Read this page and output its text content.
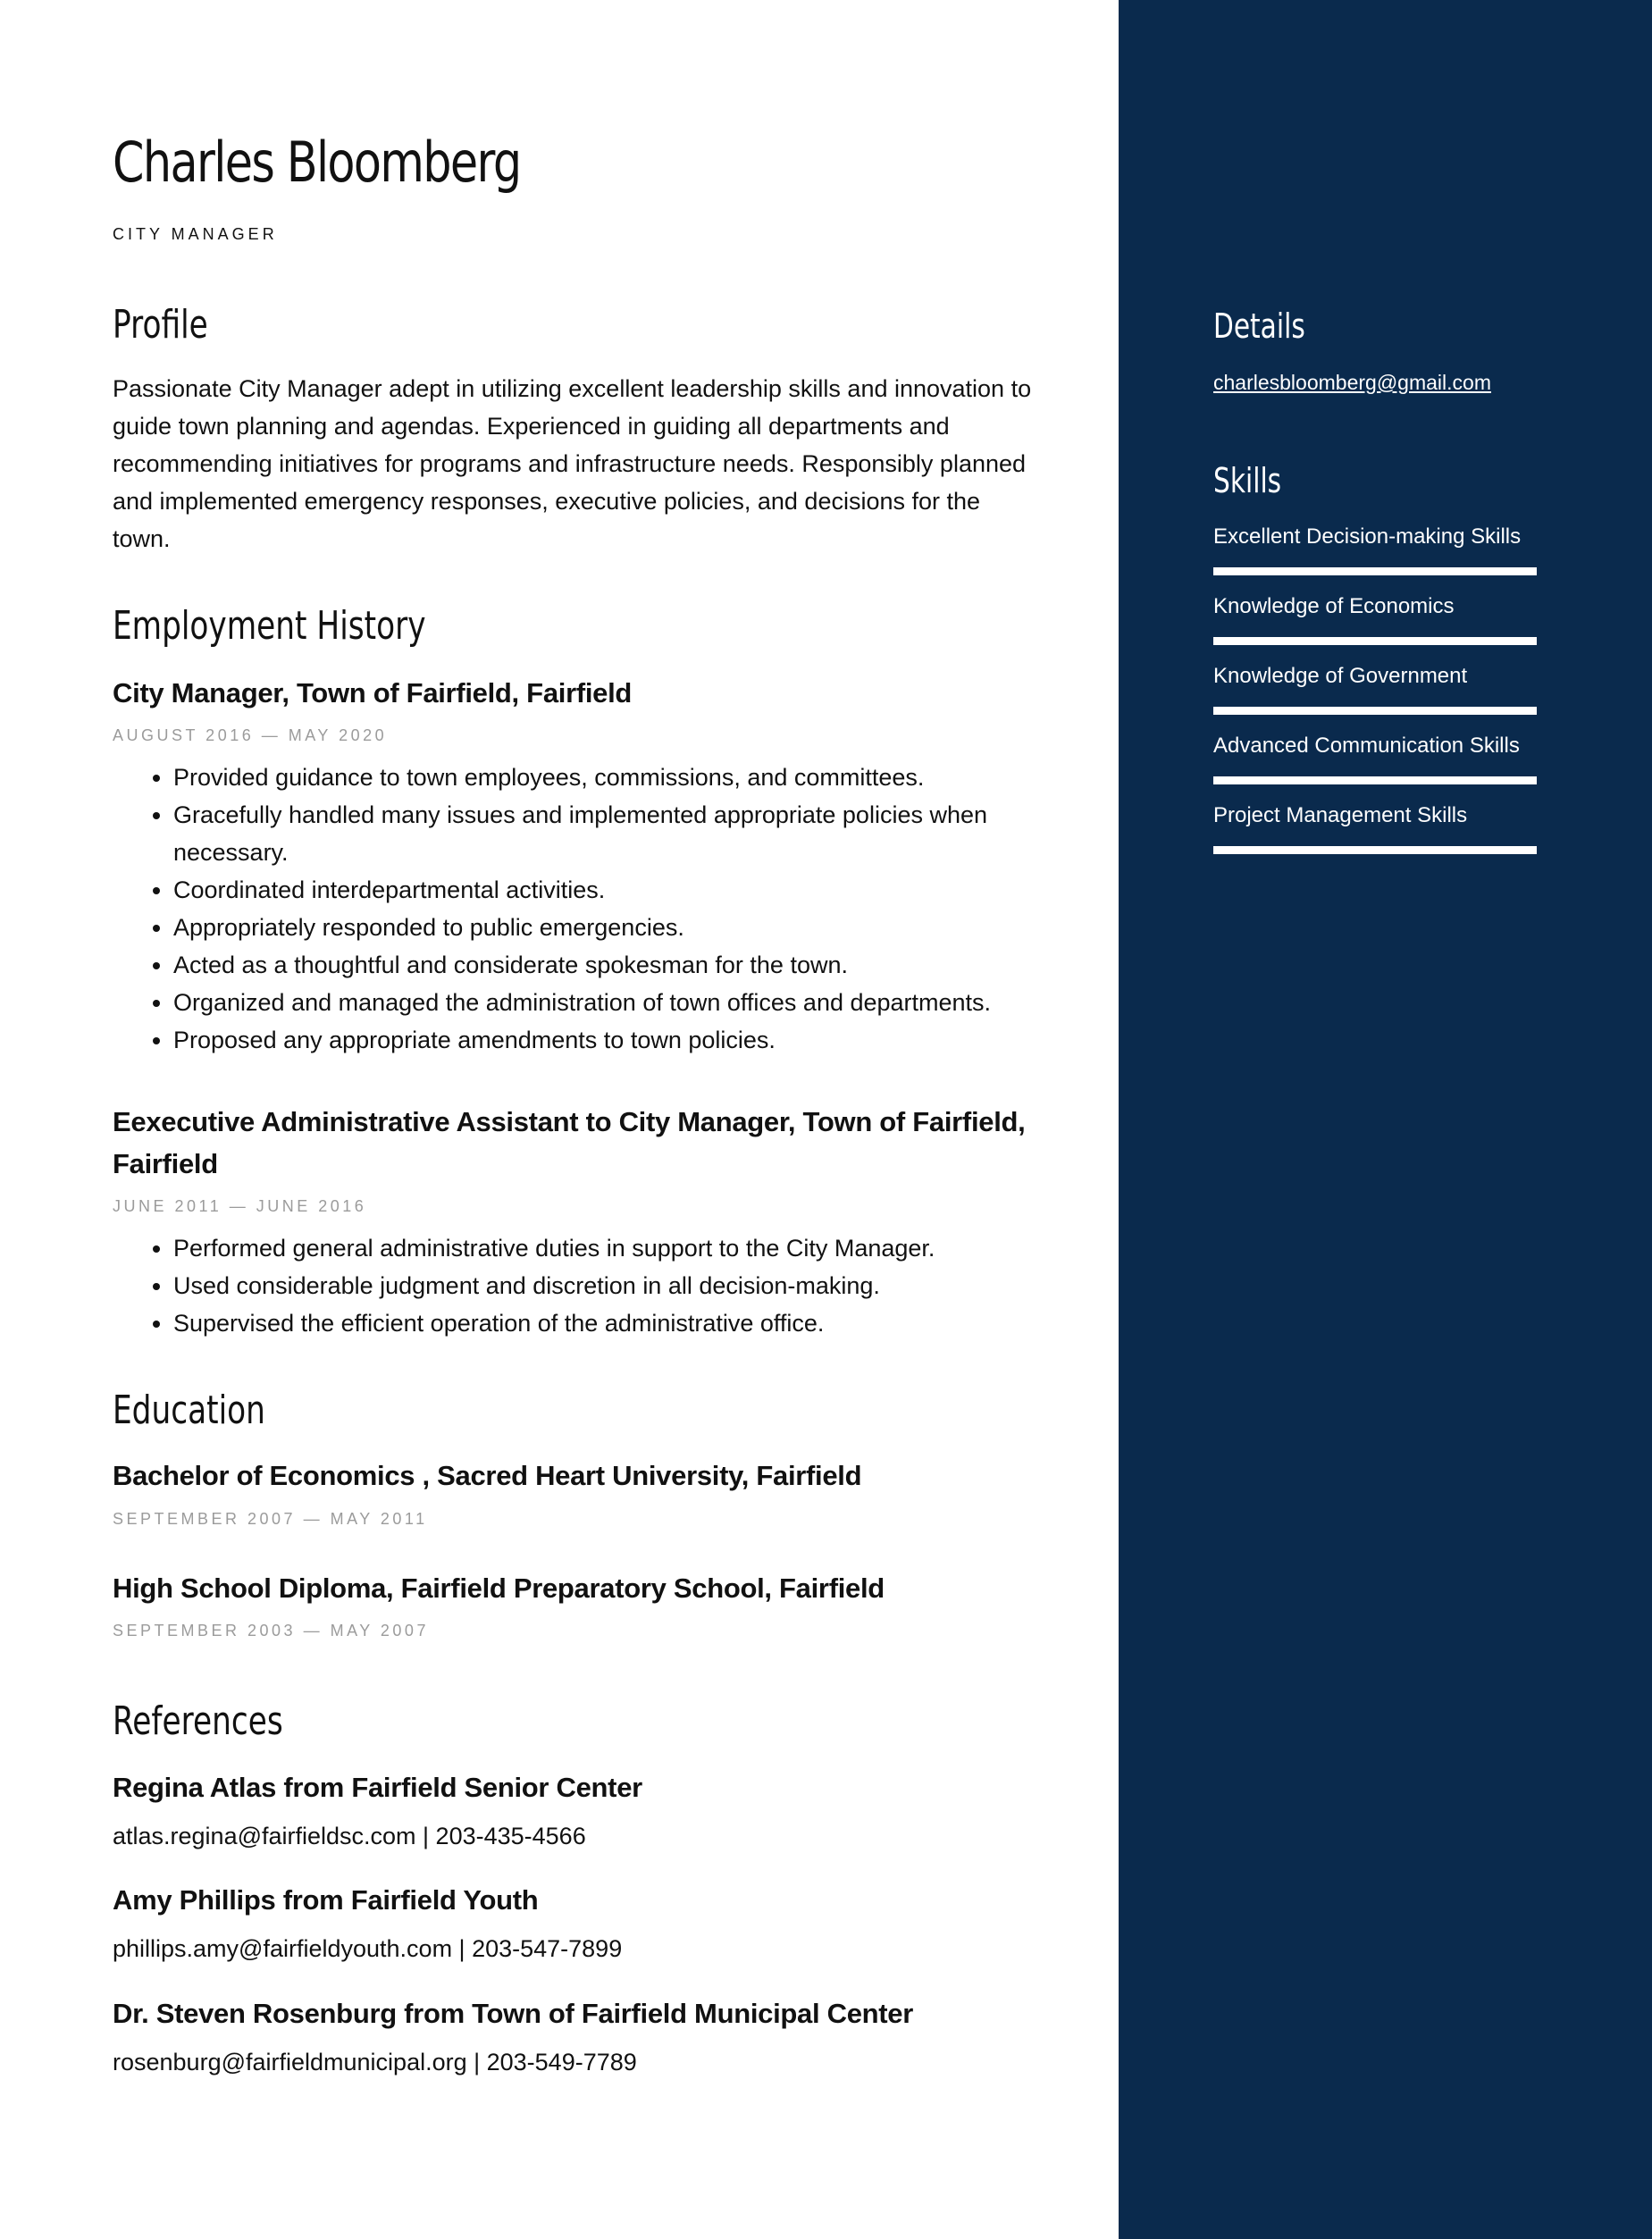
Charles Bloomberg
CITY MANAGER
Profile

Passionate City Manager adept in utilizing excellent leadership skills and innovation to guide town planning and agendas. Experienced in guiding all departments and recommending initiatives for programs and infrastructure needs. Responsibly planned and implemented emergency responses, executive policies, and decisions for the town.

Employment History
City Manager, Town of Fairfield, Fairfield
AUGUST 2016 — MAY 2020
• Provided guidance to town employees, commissions, and committees.
• Gracefully handled many issues and implemented appropriate policies when necessary.
• Coordinated interdepartmental activities.
• Appropriately responded to public emergencies.
• Acted as a thoughtful and considerate spokesman for the town.
• Organized and managed the administration of town offices and departments.
• Proposed any appropriate amendments to town policies.
Eexecutive Administrative Assistant to City Manager, Town of Fairfield, Fairfield
JUNE 2011 — JUNE 2016
• Performed general administrative duties in support to the City Manager.
• Used considerable judgment and discretion in all decision-making.
• Supervised the efficient operation of the administrative office.
Education
Bachelor of Economics , Sacred Heart University, Fairfield
SEPTEMBER 2007 — MAY 2011
High School Diploma, Fairfield Preparatory School, Fairfield
SEPTEMBER 2003 — MAY 2007
References
Regina Atlas from Fairfield Senior Center
atlas.regina@fairfieldsc.com | 203-435-4566
Amy Phillips from Fairfield Youth
phillips.amy@fairfieldyouth.com | 203-547-7899
Dr. Steven Rosenburg from Town of Fairfield Municipal Center
rosenburg@fairfieldmunicipal.org | 203-549-7789
Details
charlesbloomberg@gmail.com
Skills
Excellent Decision-making Skills
Knowledge of Economics
Knowledge of Government
Advanced Communication Skills
Project Management Skills
